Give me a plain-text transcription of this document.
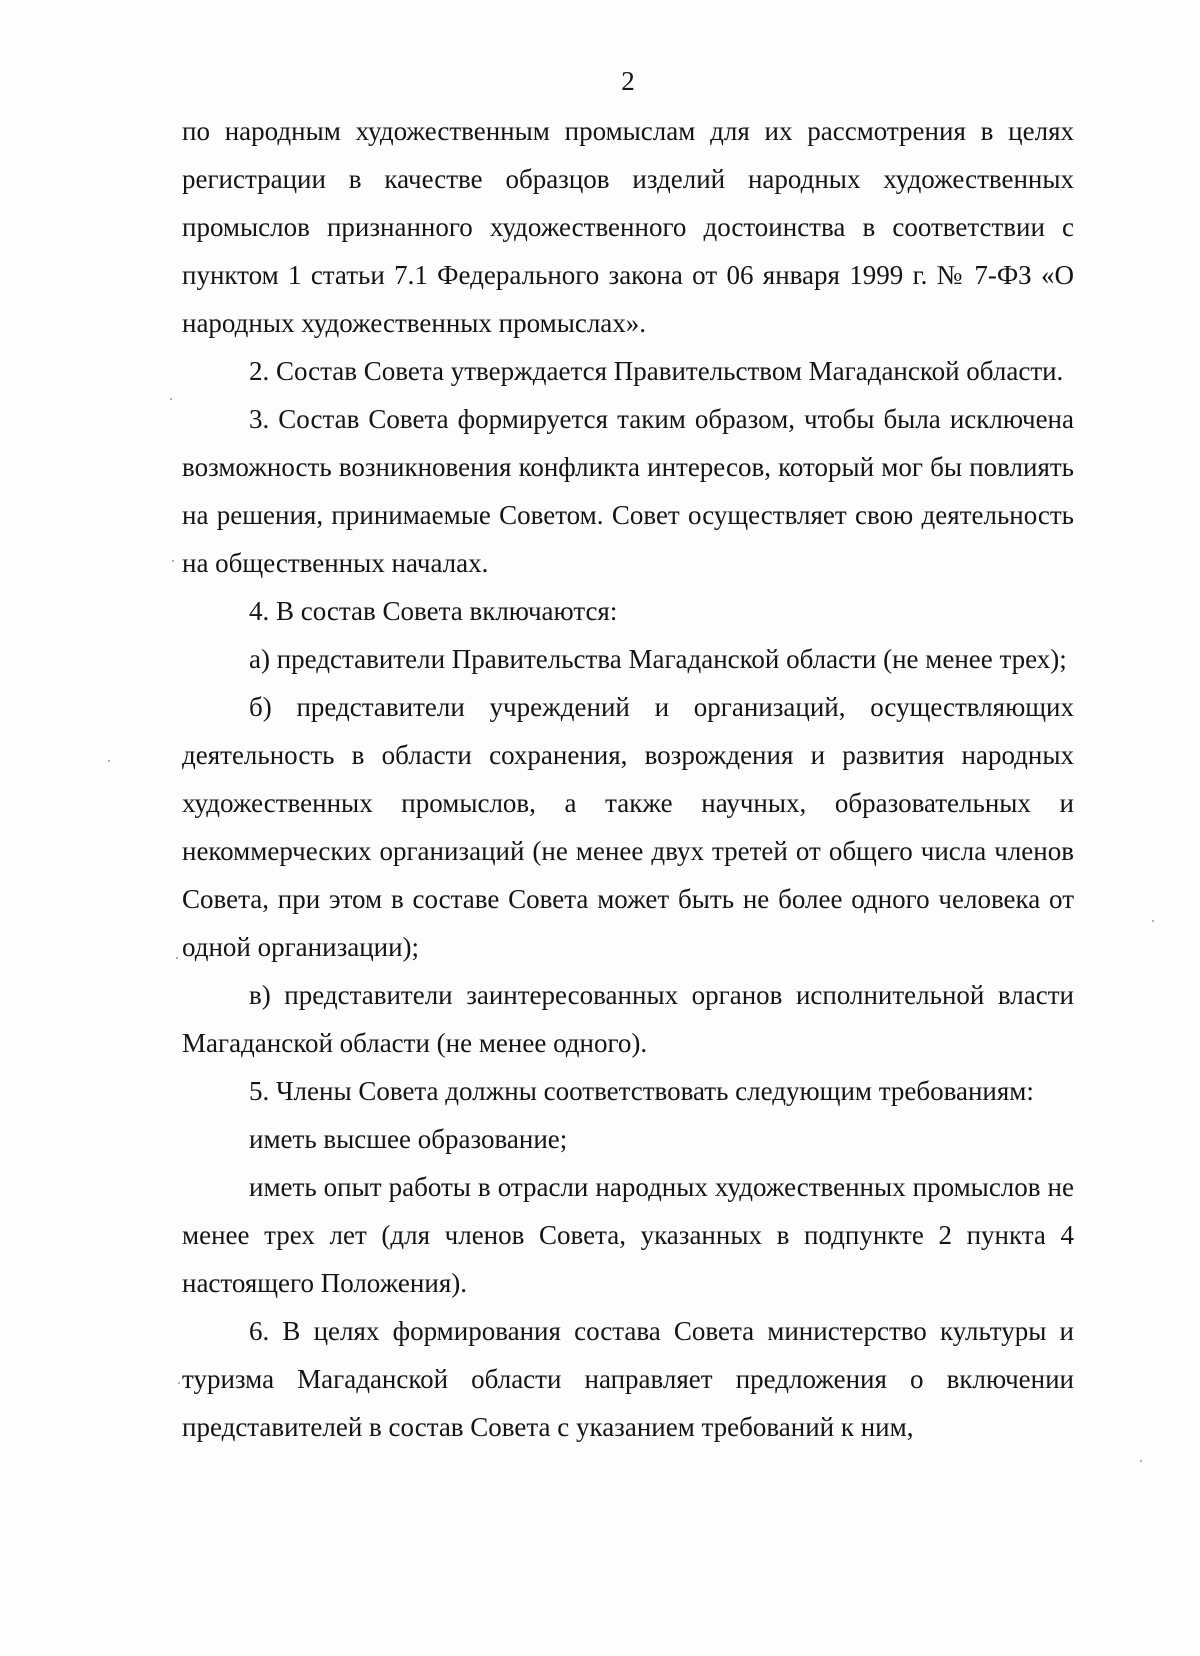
2

по народным художественным промыслам для их рассмотрения в целях регистрации в качестве образцов изделий народных художественных промыслов признанного художественного достоинства в соответствии с пунктом 1 статьи 7.1 Федерального закона от 06 января 1999 г. № 7-ФЗ «О народных художественных промыслах».

2. Состав Совета утверждается Правительством Магаданской области.

3. Состав Совета формируется таким образом, чтобы была исключена возможность возникновения конфликта интересов, который мог бы повлиять на решения, принимаемые Советом. Совет осуществляет свою деятельность на общественных началах.

4. В состав Совета включаются:

а) представители Правительства Магаданской области (не менее трех);

б) представители учреждений и организаций, осуществляющих деятельность в области сохранения, возрождения и развития народных художественных промыслов, а также научных, образовательных и некоммерческих организаций (не менее двух третей от общего числа членов Совета, при этом в составе Совета может быть не более одного человека от одной организации);

в) представители заинтересованных органов исполнительной власти Магаданской области (не менее одного).

5. Члены Совета должны соответствовать следующим требованиям:

иметь высшее образование;

иметь опыт работы в отрасли народных художественных промыслов не менее трех лет (для членов Совета, указанных в подпункте 2 пункта 4 настоящего Положения).

6. В целях формирования состава Совета министерство культуры и туризма Магаданской области направляет предложения о включении представителей в состав Совета с указанием требований к ним,
